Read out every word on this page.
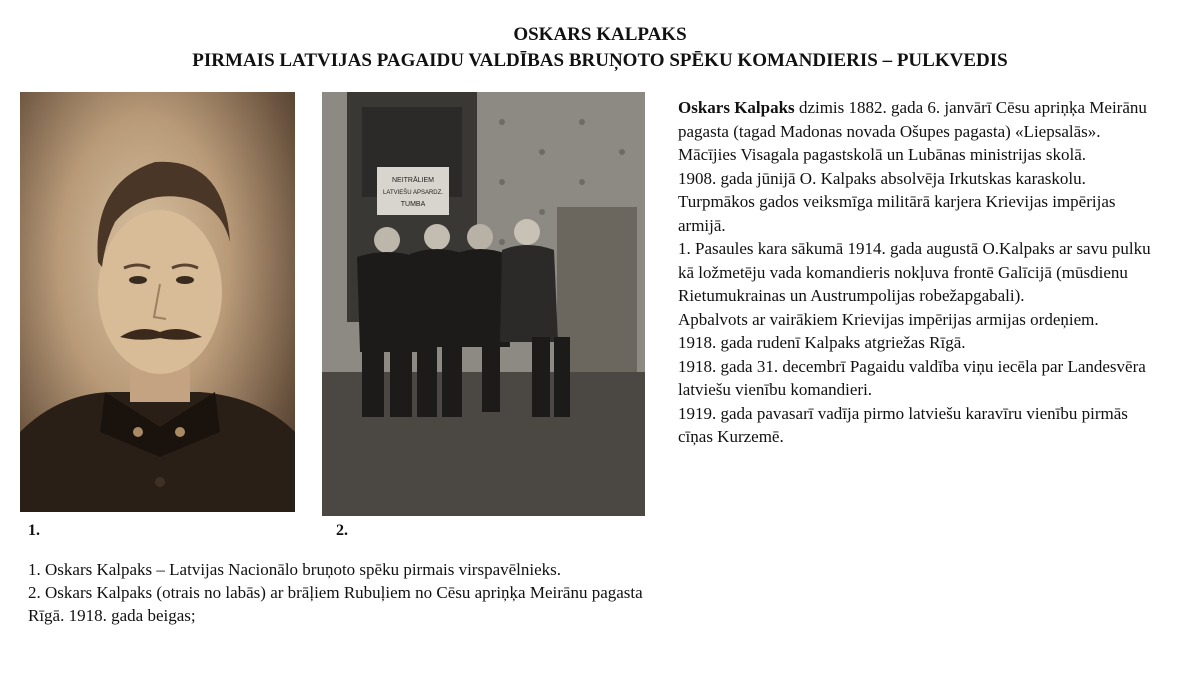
OSKARS KALPAKS
PIRMAIS LATVIJAS PAGAIDU VALDĪBAS BRUŅOTO SPĒKU KOMANDIERIS – PULKVEDIS
NEITRĀLIEM
LATVIEŠU APSARDZ.
TUMBA
1.	2.

1. Oskars Kalpaks – Latvijas Nacionālo bruņoto spēku pirmais virspavēlnieks.

2. Oskars Kalpaks (otrais no labās) ar brāļiem Rubuļiem no Cēsu apriņķa Meirānu pagasta Rīgā. 1918. gada beigas;

Oskars Kalpaks dzimis 1882. gada 6. janvārī Cēsu apriņķa Meirānu pagasta (tagad Madonas novada Ošupes pagasta) «Liepsalās». Mācījies Visagala pagastskolā un Lubānas ministrijas skolā.

1908. gada jūnijā O. Kalpaks absolvēja Irkutskas karaskolu.

Turpmākos gados veiksmīga militārā karjera Krievijas impērijas armijā.

1. Pasaules kara sākumā 1914. gada augustā O.Kalpaks ar savu pulku kā ložmetēju vada komandieris nokļuva frontē Galīcijā (mūsdienu Rietumukrainas un Austrumpolijas robežapgabali).

Apbalvots ar vairākiem Krievijas impērijas armijas ordeņiem.

1918. gada rudenī Kalpaks atgriežas Rīgā.

1918. gada 31. decembrī Pagaidu valdība viņu iecēla par Landesvēra latviešu vienību komandieri.

1919. gada pavasarī vadīja pirmo latviešu karavīru vienību pirmās cīņas Kurzemē.
